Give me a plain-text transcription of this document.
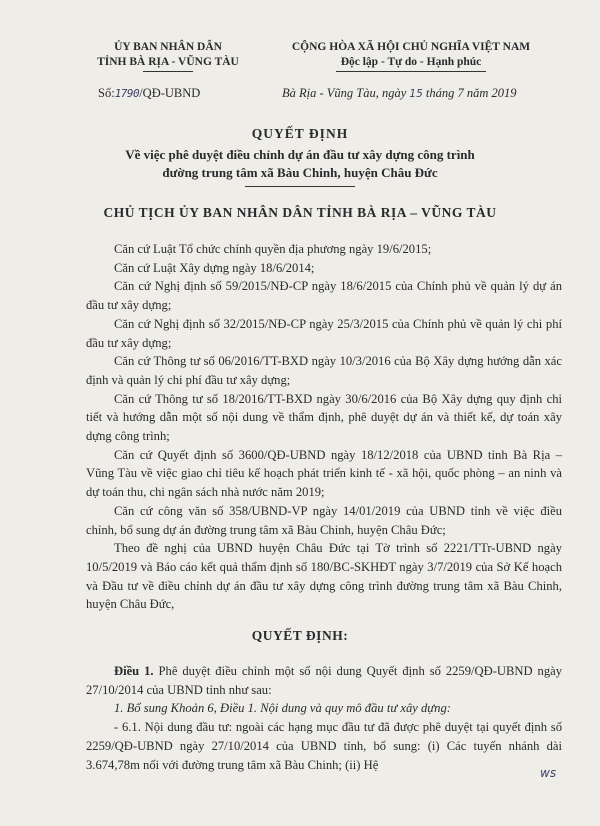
ỦY BAN NHÂN DÂN
TỈNH BÀ RỊA - VŨNG TÀU
CỘNG HÒA XÃ HỘI CHỦ NGHĨA VIỆT NAM
Độc lập - Tự do - Hạnh phúc
Số:1790/QĐ-UBND	Bà Rịa - Vũng Tàu, ngày 15 tháng 7 năm 2019
QUYẾT ĐỊNH
Về việc phê duyệt điều chỉnh dự án đầu tư xây dựng công trình
đường trung tâm xã Bàu Chinh, huyện Châu Đức
CHỦ TỊCH ỦY BAN NHÂN DÂN TỈNH BÀ RỊA – VŨNG TÀU

Căn cứ Luật Tổ chức chính quyền địa phương ngày 19/6/2015;

Căn cứ Luật Xây dựng ngày 18/6/2014;

Căn cứ Nghị định số 59/2015/NĐ-CP ngày 18/6/2015 của Chính phủ về quản lý dự án đầu tư xây dựng;

Căn cứ Nghị định số 32/2015/NĐ-CP ngày 25/3/2015 của Chính phủ về quản lý chi phí đầu tư xây dựng;

Căn cứ Thông tư số 06/2016/TT-BXD ngày 10/3/2016 của Bộ Xây dựng hướng dẫn xác định và quản lý chi phí đầu tư xây dựng;

Căn cứ Thông tư số 18/2016/TT-BXD ngày 30/6/2016 của Bộ Xây dựng quy định chi tiết và hướng dẫn một số nội dung về thẩm định, phê duyệt dự án và thiết kế, dự toán xây dựng công trình;

Căn cứ Quyết định số 3600/QĐ-UBND ngày 18/12/2018 của UBND tỉnh Bà Rịa – Vũng Tàu về việc giao chỉ tiêu kế hoạch phát triển kinh tế - xã hội, quốc phòng – an ninh và dự toán thu, chi ngân sách nhà nước năm 2019;

Căn cứ công văn số 358/UBND-VP ngày 14/01/2019 của UBND tỉnh về việc điều chỉnh, bổ sung dự án đường trung tâm xã Bàu Chinh, huyện Châu Đức;

Theo đề nghị của UBND huyện Châu Đức tại Tờ trình số 2221/TTr-UBND ngày 10/5/2019 và Báo cáo kết quả thẩm định số 180/BC-SKHĐT ngày 3/7/2019 của Sở Kế hoạch và Đầu tư về điều chỉnh dự án đầu tư xây dựng công trình đường trung tâm xã Bàu Chinh, huyện Châu Đức,

QUYẾT ĐỊNH:

Điều 1. Phê duyệt điều chỉnh một số nội dung Quyết định số 2259/QĐ-UBND ngày 27/10/2014 của UBND tỉnh như sau:

1. Bổ sung Khoản 6, Điều 1. Nội dung và quy mô đầu tư xây dựng:

- 6.1. Nội dung đầu tư: ngoài các hạng mục đầu tư đã được phê duyệt tại quyết định số 2259/QĐ-UBND ngày 27/10/2014 của UBND tỉnh, bổ sung: (i) Các tuyến nhánh dài 3.674,78m nối với đường trung tâm xã Bàu Chinh; (ii) Hệ

ws
